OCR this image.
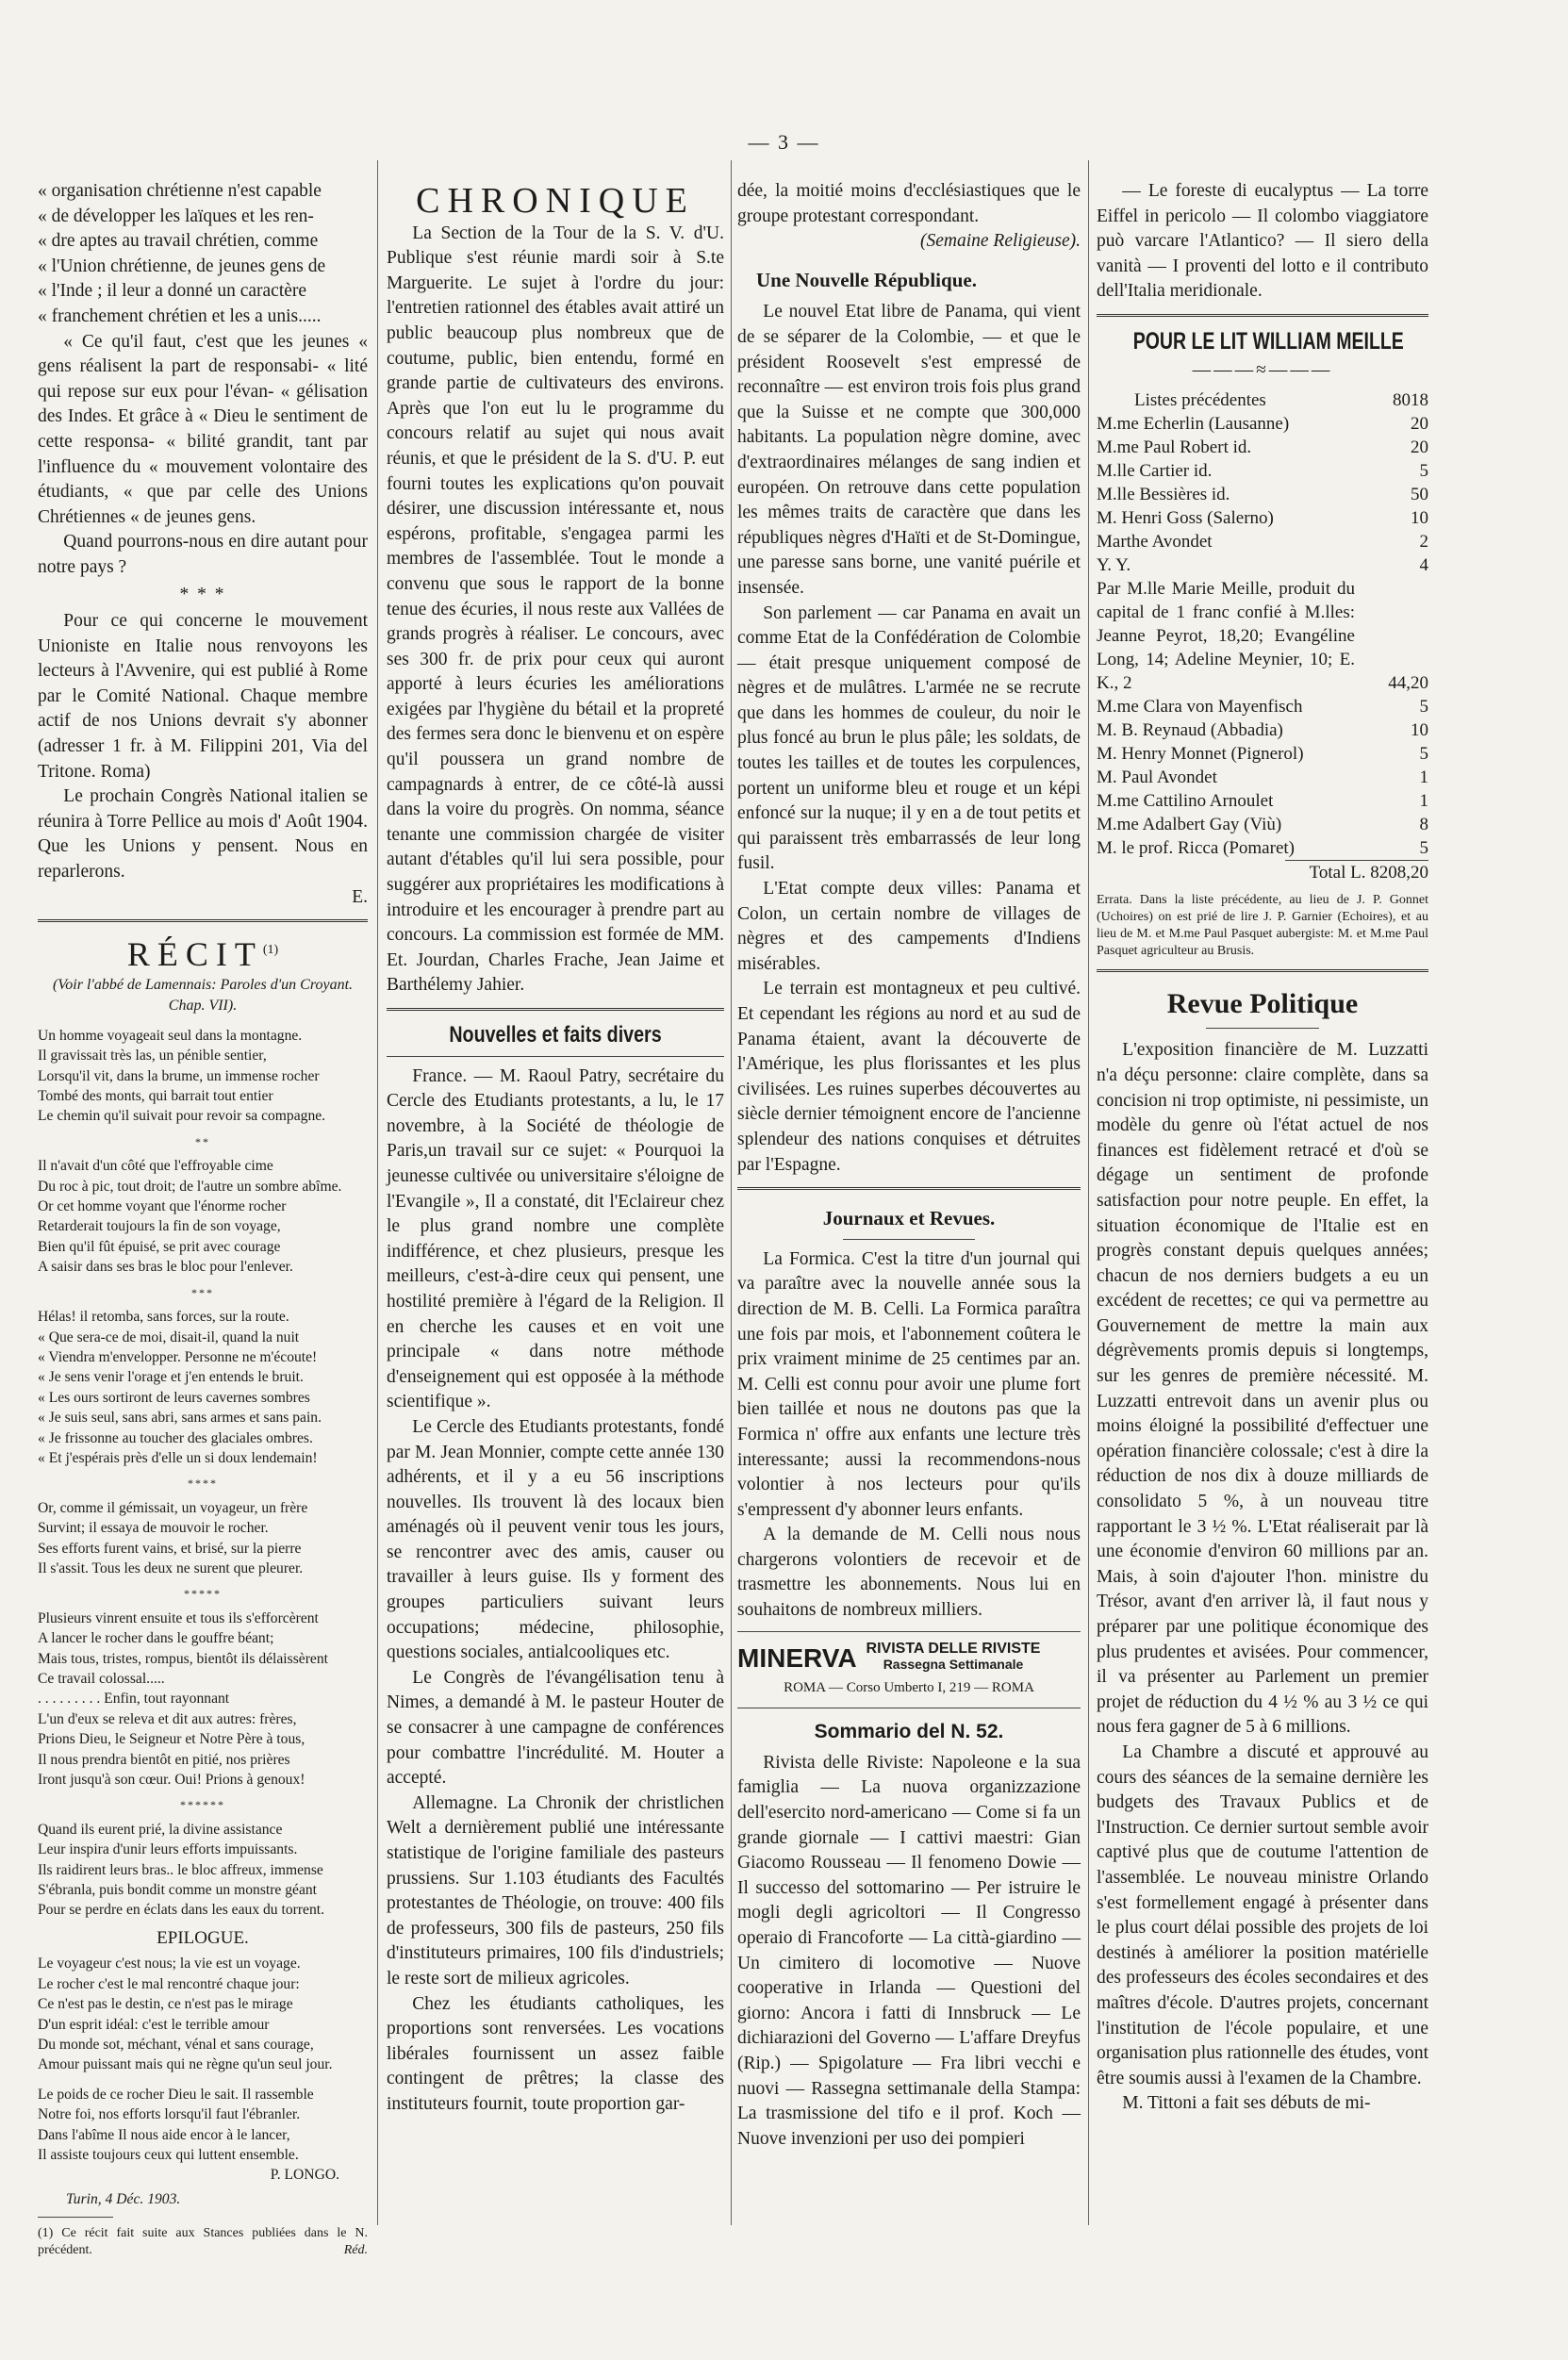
— 3 —

« organisation chrétienne n'est capable

« de développer les laïques et les ren-

« dre aptes au travail chrétien, comme

« l'Union chrétienne, de jeunes gens de

« l'Inde ; il leur a donné un caractère

« franchement chrétien et les a unis.....

« Ce qu'il faut, c'est que les jeunes « gens réalisent la part de responsabi- « lité qui repose sur eux pour l'évan- « gélisation des Indes. Et grâce à « Dieu le sentiment de cette responsa- « bilité grandit, tant par l'influence du « mouvement volontaire des étudiants, « que par celle des Unions Chrétiennes « de jeunes gens.

Quand pourrons-nous en dire autant pour notre pays ?

* * *

Pour ce qui concerne le mouvement Unioniste en Italie nous renvoyons les lecteurs à l'Avvenire, qui est publié à Rome par le Comité National. Chaque membre actif de nos Unions devrait s'y abonner (adresser 1 fr. à M. Filippini 201, Via del Tritone. Roma)

Le prochain Congrès National italien se réunira à Torre Pellice au mois d' Août 1904. Que les Unions y pensent. Nous en reparlerons.

E.
RÉCIT$^{(1)}$
(Voir l'abbé de Lamennais: Paroles d'un Croyant. Chap. VII).
Un homme voyageait seul dans la montagne.
Il gravissait très las, un pénible sentier,
Lorsqu'il vit, dans la brume, un immense rocher
Tombé des monts, qui barrait tout entier
Le chemin qu'il suivait pour revoir sa compagne.
**
Il n'avait d'un côté que l'effroyable cime
Du roc à pic, tout droit; de l'autre un sombre abîme.
Or cet homme voyant que l'énorme rocher
Retarderait toujours la fin de son voyage,
Bien qu'il fût épuisé, se prit avec courage
A saisir dans ses bras le bloc pour l'enlever.
***
Hélas! il retomba, sans forces, sur la route.
« Que sera-ce de moi, disait-il, quand la nuit
« Viendra m'envelopper. Personne ne m'écoute!
« Je sens venir l'orage et j'en entends le bruit.
« Les ours sortiront de leurs cavernes sombres
« Je suis seul, sans abri, sans armes et sans pain.
« Je frissonne au toucher des glaciales ombres.
« Et j'espérais près d'elle un si doux lendemain!
****
Or, comme il gémissait, un voyageur, un frère
Survint; il essaya de mouvoir le rocher.
Ses efforts furent vains, et brisé, sur la pierre
Il s'assit. Tous les deux ne surent que pleurer.
*****
Plusieurs vinrent ensuite et tous ils s'efforcèrent
A lancer le rocher dans le gouffre béant;
Mais tous, tristes, rompus, bientôt ils délaissèrent
Ce travail colossal.....
. . . . . . . . . Enfin, tout rayonnant
L'un d'eux se releva et dit aux autres: frères,
Prions Dieu, le Seigneur et Notre Père à tous,
Il nous prendra bientôt en pitié, nos prières
Iront jusqu'à son cœur. Oui! Prions à genoux!
******
Quand ils eurent prié, la divine assistance
Leur inspira d'unir leurs efforts impuissants.
Ils raidirent leurs bras.. le bloc affreux, immense
S'ébranla, puis bondit comme un monstre géant
Pour se perdre en éclats dans les eaux du torrent.
EPILOGUE.
Le voyageur c'est nous; la vie est un voyage.
Le rocher c'est le mal rencontré chaque jour:
Ce n'est pas le destin, ce n'est pas le mirage
D'un esprit idéal: c'est le terrible amour
Du monde sot, méchant, vénal et sans courage,
Amour puissant mais qui ne règne qu'un seul jour.
Le poids de ce rocher Dieu le sait. Il rassemble
Notre foi, nos efforts lorsqu'il faut l'ébranler.
Dans l'abîme Il nous aide encor à le lancer,
Il assiste toujours ceux qui luttent ensemble.
P. LONGO.
Turin, 4 Déc. 1903.
(1) Ce récit fait suite aux Stances publiées dans le N. précédent.	Réd.
CHRONIQUE

La Section de la Tour de la S. V. d'U. Publique s'est réunie mardi soir à S.te Marguerite. Le sujet à l'ordre du jour: l'entretien rationnel des étables avait attiré un public beaucoup plus nombreux que de coutume, public, bien entendu, formé en grande partie de cultivateurs des environs. Après que l'on eut lu le programme du concours relatif au sujet qui nous avait réunis, et que le président de la S. d'U. P. eut fourni toutes les explications qu'on pouvait désirer, une discussion intéressante et, nous espérons, profitable, s'engagea parmi les membres de l'assemblée. Tout le monde a convenu que sous le rapport de la bonne tenue des écuries, il nous reste aux Vallées de grands progrès à réaliser. Le concours, avec ses 300 fr. de prix pour ceux qui auront apporté à leurs écuries les améliorations exigées par l'hygiène du bétail et la propreté des fermes sera donc le bienvenu et on espère qu'il poussera un grand nombre de campagnards à entrer, de ce côté-là aussi dans la voire du progrès. On nomma, séance tenante une commission chargée de visiter autant d'étables qu'il lui sera possible, pour suggérer aux propriétaires les modifications à introduire et les encourager à prendre part au concours. La commission est formée de MM. Et. Jourdan, Charles Frache, Jean Jaime et Barthélemy Jahier.

Nouvelles et faits divers

France. — M. Raoul Patry, secrétaire du Cercle des Etudiants protestants, a lu, le 17 novembre, à la Société de théologie de Paris,un travail sur ce sujet: « Pourquoi la jeunesse cultivée ou universitaire s'éloigne de l'Evangile », Il a constaté, dit l'Eclaireur chez le plus grand nombre une complète indifférence, et chez plusieurs, presque les meilleurs, c'est-à-dire ceux qui pensent, une hostilité première à l'égard de la Religion. Il en cherche les causes et en voit une principale « dans notre méthode d'enseignement qui est opposée à la méthode scientifique ».

Le Cercle des Etudiants protestants, fondé par M. Jean Monnier, compte cette année 130 adhérents, et il y a eu 56 inscriptions nouvelles. Ils trouvent là des locaux bien aménagés où il peuvent venir tous les jours, se rencontrer avec des amis, causer ou travailler à leurs guise. Ils y forment des groupes particuliers suivant leurs occupations; médecine, philosophie, questions sociales, antialcooliques etc.

Le Congrès de l'évangélisation tenu à Nimes, a demandé à M. le pasteur Houter de se consacrer à une campagne de conférences pour combattre l'incrédulité. M. Houter a accepté.

Allemagne. La Chronik der christlichen Welt a dernièrement publié une intéressante statistique de l'origine familiale des pasteurs prussiens. Sur 1.103 étudiants des Facultés protestantes de Théologie, on trouve: 400 fils de professeurs, 300 fils de pasteurs, 250 fils d'instituteurs primaires, 100 fils d'industriels; le reste sort de milieux agricoles.

Chez les étudiants catholiques, les proportions sont renversées. Les vocations libérales fournissent un assez faible contingent de prêtres; la classe des instituteurs fournit, toute proportion gar-

dée, la moitié moins d'ecclésiastiques que le groupe protestant correspondant.

(Semaine Religieuse).
Une Nouvelle République.

Le nouvel Etat libre de Panama, qui vient de se séparer de la Colombie, — et que le président Roosevelt s'est empressé de reconnaître — est environ trois fois plus grand que la Suisse et ne compte que 300,000 habitants. La population nègre domine, avec d'extraordinaires mélanges de sang indien et européen. On retrouve dans cette population les mêmes traits de caractère que dans les républiques nègres d'Haïti et de St-Domingue, une paresse sans borne, une vanité puérile et insensée.

Son parlement — car Panama en avait un comme Etat de la Confédération de Colombie — était presque uniquement composé de nègres et de mulâtres. L'armée ne se recrute que dans les hommes de couleur, du noir le plus foncé au brun le plus pâle; les soldats, de toutes les tailles et de toutes les corpulences, portent un uniforme bleu et rouge et un képi enfoncé sur la nuque; il y en a de tout petits et qui paraissent très embarrassés de leur long fusil.

L'Etat compte deux villes: Panama et Colon, un certain nombre de villages de nègres et des campements d'Indiens misérables.

Le terrain est montagneux et peu cultivé. Et cependant les régions au nord et au sud de Panama étaient, avant la découverte de l'Amérique, les plus florissantes et les plus civilisées. Les ruines superbes découvertes au siècle dernier témoignent encore de l'ancienne splendeur des nations conquises et détruites par l'Espagne.

Journaux et Revues.

La Formica. C'est la titre d'un journal qui va paraître avec la nouvelle année sous la direction de M. B. Celli. La Formica paraîtra une fois par mois, et l'abonnement coûtera le prix vraiment minime de 25 centimes par an. M. Celli est connu pour avoir une plume fort bien taillée et nous ne doutons pas que la Formica n' offre aux enfants une lecture très interessante; aussi la recommendons-nous volontier à nos lecteurs pour qu'ils s'empressent d'y abonner leurs enfants.

A la demande de M. Celli nous nous chargerons volontiers de recevoir et de trasmettre les abonnements. Nous lui en souhaitons de nombreux milliers.

MINERVA RIVISTA DELLE RIVISTE
Rassegna Settimanale
ROMA — Corso Umberto I, 219 — ROMA
Sommario del N. 52.

Rivista delle Riviste: Napoleone e la sua famiglia — La nuova organizzazione dell'esercito nord-americano — Come si fa un grande giornale — I cattivi maestri: Gian Giacomo Rousseau — Il fenomeno Dowie — Il successo del sottomarino — Per istruire le mogli degli agricoltori — Il Congresso operaio di Francoforte — La città-giardino — Un cimitero di locomotive — Nuove cooperative in Irlanda — Questioni del giorno: Ancora i fatti di Innsbruck — Le dichiarazioni del Governo — L'affare Dreyfus (Rip.) — Spigolature — Fra libri vecchi e nuovi — Rassegna settimanale della Stampa: La trasmissione del tifo e il prof. Koch — Nuove invenzioni per uso dei pompieri

— Le foreste di eucalyptus — La torre Eiffel in pericolo — Il colombo viaggiatore può varcare l'Atlantico? — Il siero della vanità — I proventi del lotto e il contributo dell'Italia meridionale.

POUR LE LIT WILLIAM MEILLE
———≈———
Listes précédentes	8018
M.me Echerlin (Lausanne)	20
M.me Paul Robert id.	20
M.lle Cartier id.	5
M.lle Bessières id.	50
M. Henri Goss (Salerno)	10
Marthe Avondet	2
Y. Y.	4
Par M.lle Marie Meille, produit du capital de 1 franc confié à M.lles: Jeanne Peyrot, 18,20; Evangéline Long, 14; Adeline Meynier, 10; E. K., 2	44,20
M.me Clara von Mayenfisch	5
M. B. Reynaud (Abbadia)	10
M. Henry Monnet (Pignerol)	5
M. Paul Avondet	1
M.me Cattilino Arnoulet	1
M.me Adalbert Gay (Viù)	8
M. le prof. Ricca (Pomaret)	5
Total L. 8208,20
Errata. Dans la liste précédente, au lieu de J. P. Gonnet (Uchoires) on est prié de lire J. P. Garnier (Echoires), et au lieu de M. et M.me Paul Pasquet aubergiste: M. et M.me Paul Pasquet agriculteur au Brusis.
Revue Politique

L'exposition financière de M. Luzzatti n'a déçu personne: claire complète, dans sa concision ni trop optimiste, ni pessimiste, un modèle du genre où l'état actuel de nos finances est fidèlement retracé et d'où se dégage un sentiment de profonde satisfaction pour notre peuple. En effet, la situation économique de l'Italie est en progrès constant depuis quelques années; chacun de nos derniers budgets a eu un excédent de recettes; ce qui va permettre au Gouvernement de mettre la main aux dégrèvements promis depuis si longtemps, sur les genres de première nécessité. M. Luzzatti entrevoit dans un avenir plus ou moins éloigné la possibilité d'effectuer une opération financière colossale; c'est à dire la réduction de nos dix à douze milliards de consolidato 5 %, à un nouveau titre rapportant le 3 ½ %. L'Etat réaliserait par là une économie d'environ 60 millions par an. Mais, à soin d'ajouter l'hon. ministre du Trésor, avant d'en arriver là, il faut nous y préparer par une politique économique des plus prudentes et avisées. Pour commencer, il va présenter au Parlement un premier projet de réduction du 4 ½ % au 3 ½ ce qui nous fera gagner de 5 à 6 millions.

La Chambre a discuté et approuvé au cours des séances de la semaine dernière les budgets des Travaux Publics et de l'Instruction. Ce dernier surtout semble avoir captivé plus que de coutume l'attention de l'assemblée. Le nouveau ministre Orlando s'est formellement engagé à présenter dans le plus court délai possible des projets de loi destinés à améliorer la position matérielle des professeurs des écoles secondaires et des maîtres d'école. D'autres projets, concernant l'institution de l'école populaire, et une organisation plus rationnelle des études, vont être soumis aussi à l'examen de la Chambre.

M. Tittoni a fait ses débuts de mi-
